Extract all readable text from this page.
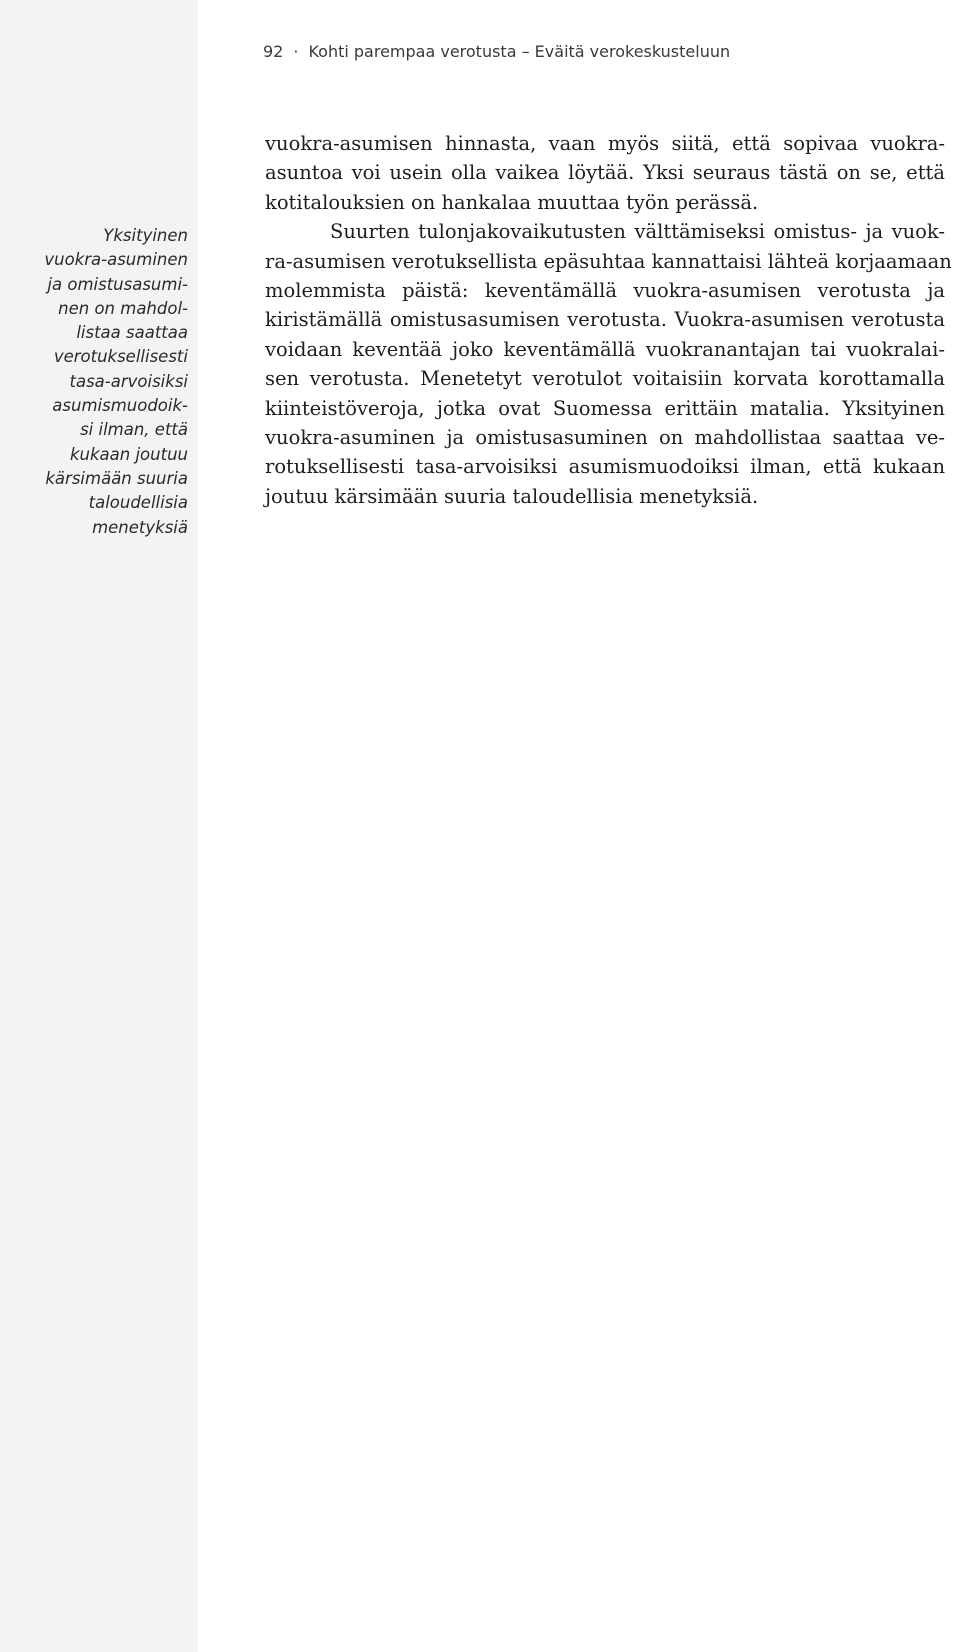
92 · Kohti parempaa verotusta – Eväitä verokeskusteluun
Yksityinen
vuokra-asuminen
ja omistusasumi-
nen on mahdol-
listaa saattaa
verotuksellisesti
tasa-arvoisiksi
asumismuodoik-
si ilman, että
kukaan joutuu
kärsimään suuria
taloudellisia
menetyksiä
vuokra-asumisen hinnasta, vaan myös siitä, että sopivaa vuokra-
asuntoa voi usein olla vaikea löytää. Yksi seuraus tästä on se, että
kotitalouksien on hankalaa muuttaa työn perässä.
Suurten tulonjakovaikutusten välttämiseksi omistus- ja vuok-
ra-asumisen verotuksellista epäsuhtaa kannattaisi lähteä korjaamaan
molemmista päistä: keventämällä vuokra-asumisen verotusta ja
kiristämällä omistusasumisen verotusta. Vuokra-asumisen verotusta
voidaan keventää joko keventämällä vuokranantajan tai vuokralai-
sen verotusta. Menetetyt verotulot voitaisiin korvata korottamalla
kiinteistöveroja, jotka ovat Suomessa erittäin matalia. Yksityinen
vuokra-asuminen ja omistusasuminen on mahdollistaa saattaa ve-
rotuksellisesti tasa-arvoisiksi asumismuodoiksi ilman, että kukaan
joutuu kärsimään suuria taloudellisia menetyksiä.
